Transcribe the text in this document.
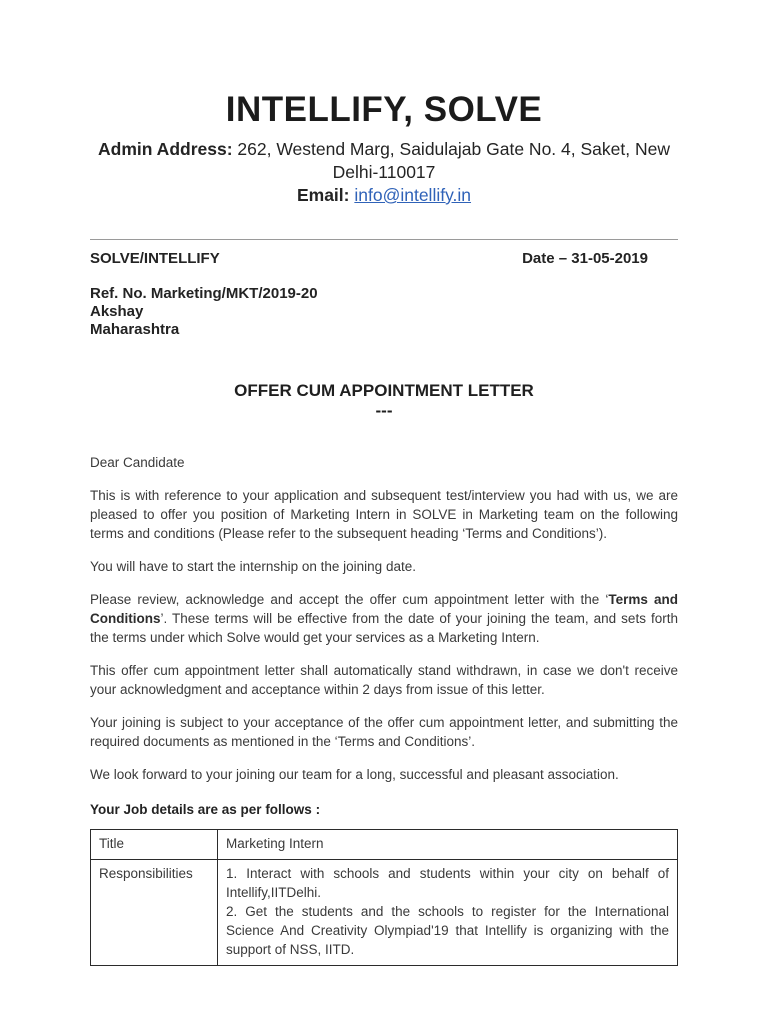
INTELLIFY, SOLVE
Admin Address: 262, Westend Marg, Saidulajab Gate No. 4, Saket, New
Delhi-110017
Email: info@intellify.in
SOLVE/INTELLIFY	Date – 31-05-2019
Ref. No. Marketing/MKT/2019-20
Akshay
Maharashtra
OFFER CUM APPOINTMENT LETTER
---
Dear Candidate

This is with reference to your application and subsequent test/interview you had with us, we are pleased to offer you position of Marketing Intern in SOLVE in Marketing team on the following terms and conditions (Please refer to the subsequent heading ‘Terms and Conditions’).

You will have to start the internship on the joining date.

Please review, acknowledge and accept the offer cum appointment letter with the ‘Terms and Conditions’. These terms will be effective from the date of your joining the team, and sets forth the terms under which Solve would get your services as a Marketing Intern.

This offer cum appointment letter shall automatically stand withdrawn, in case we don't receive your acknowledgment and acceptance within 2 days from issue of this letter.

Your joining is subject to your acceptance of the offer cum appointment letter, and submitting the required documents as mentioned in the ‘Terms and Conditions’.

We look forward to your joining our team for a long, successful and pleasant association.

Your Job details are as per follows :
Title	Marketing Intern

Responsibilities	1. Interact with schools and students within your city on behalf of Intellify,IITDelhi.
2. Get the students and the schools to register for the International Science And Creativity Olympiad'19 that Intellify is organizing with the support of NSS, IITD.
